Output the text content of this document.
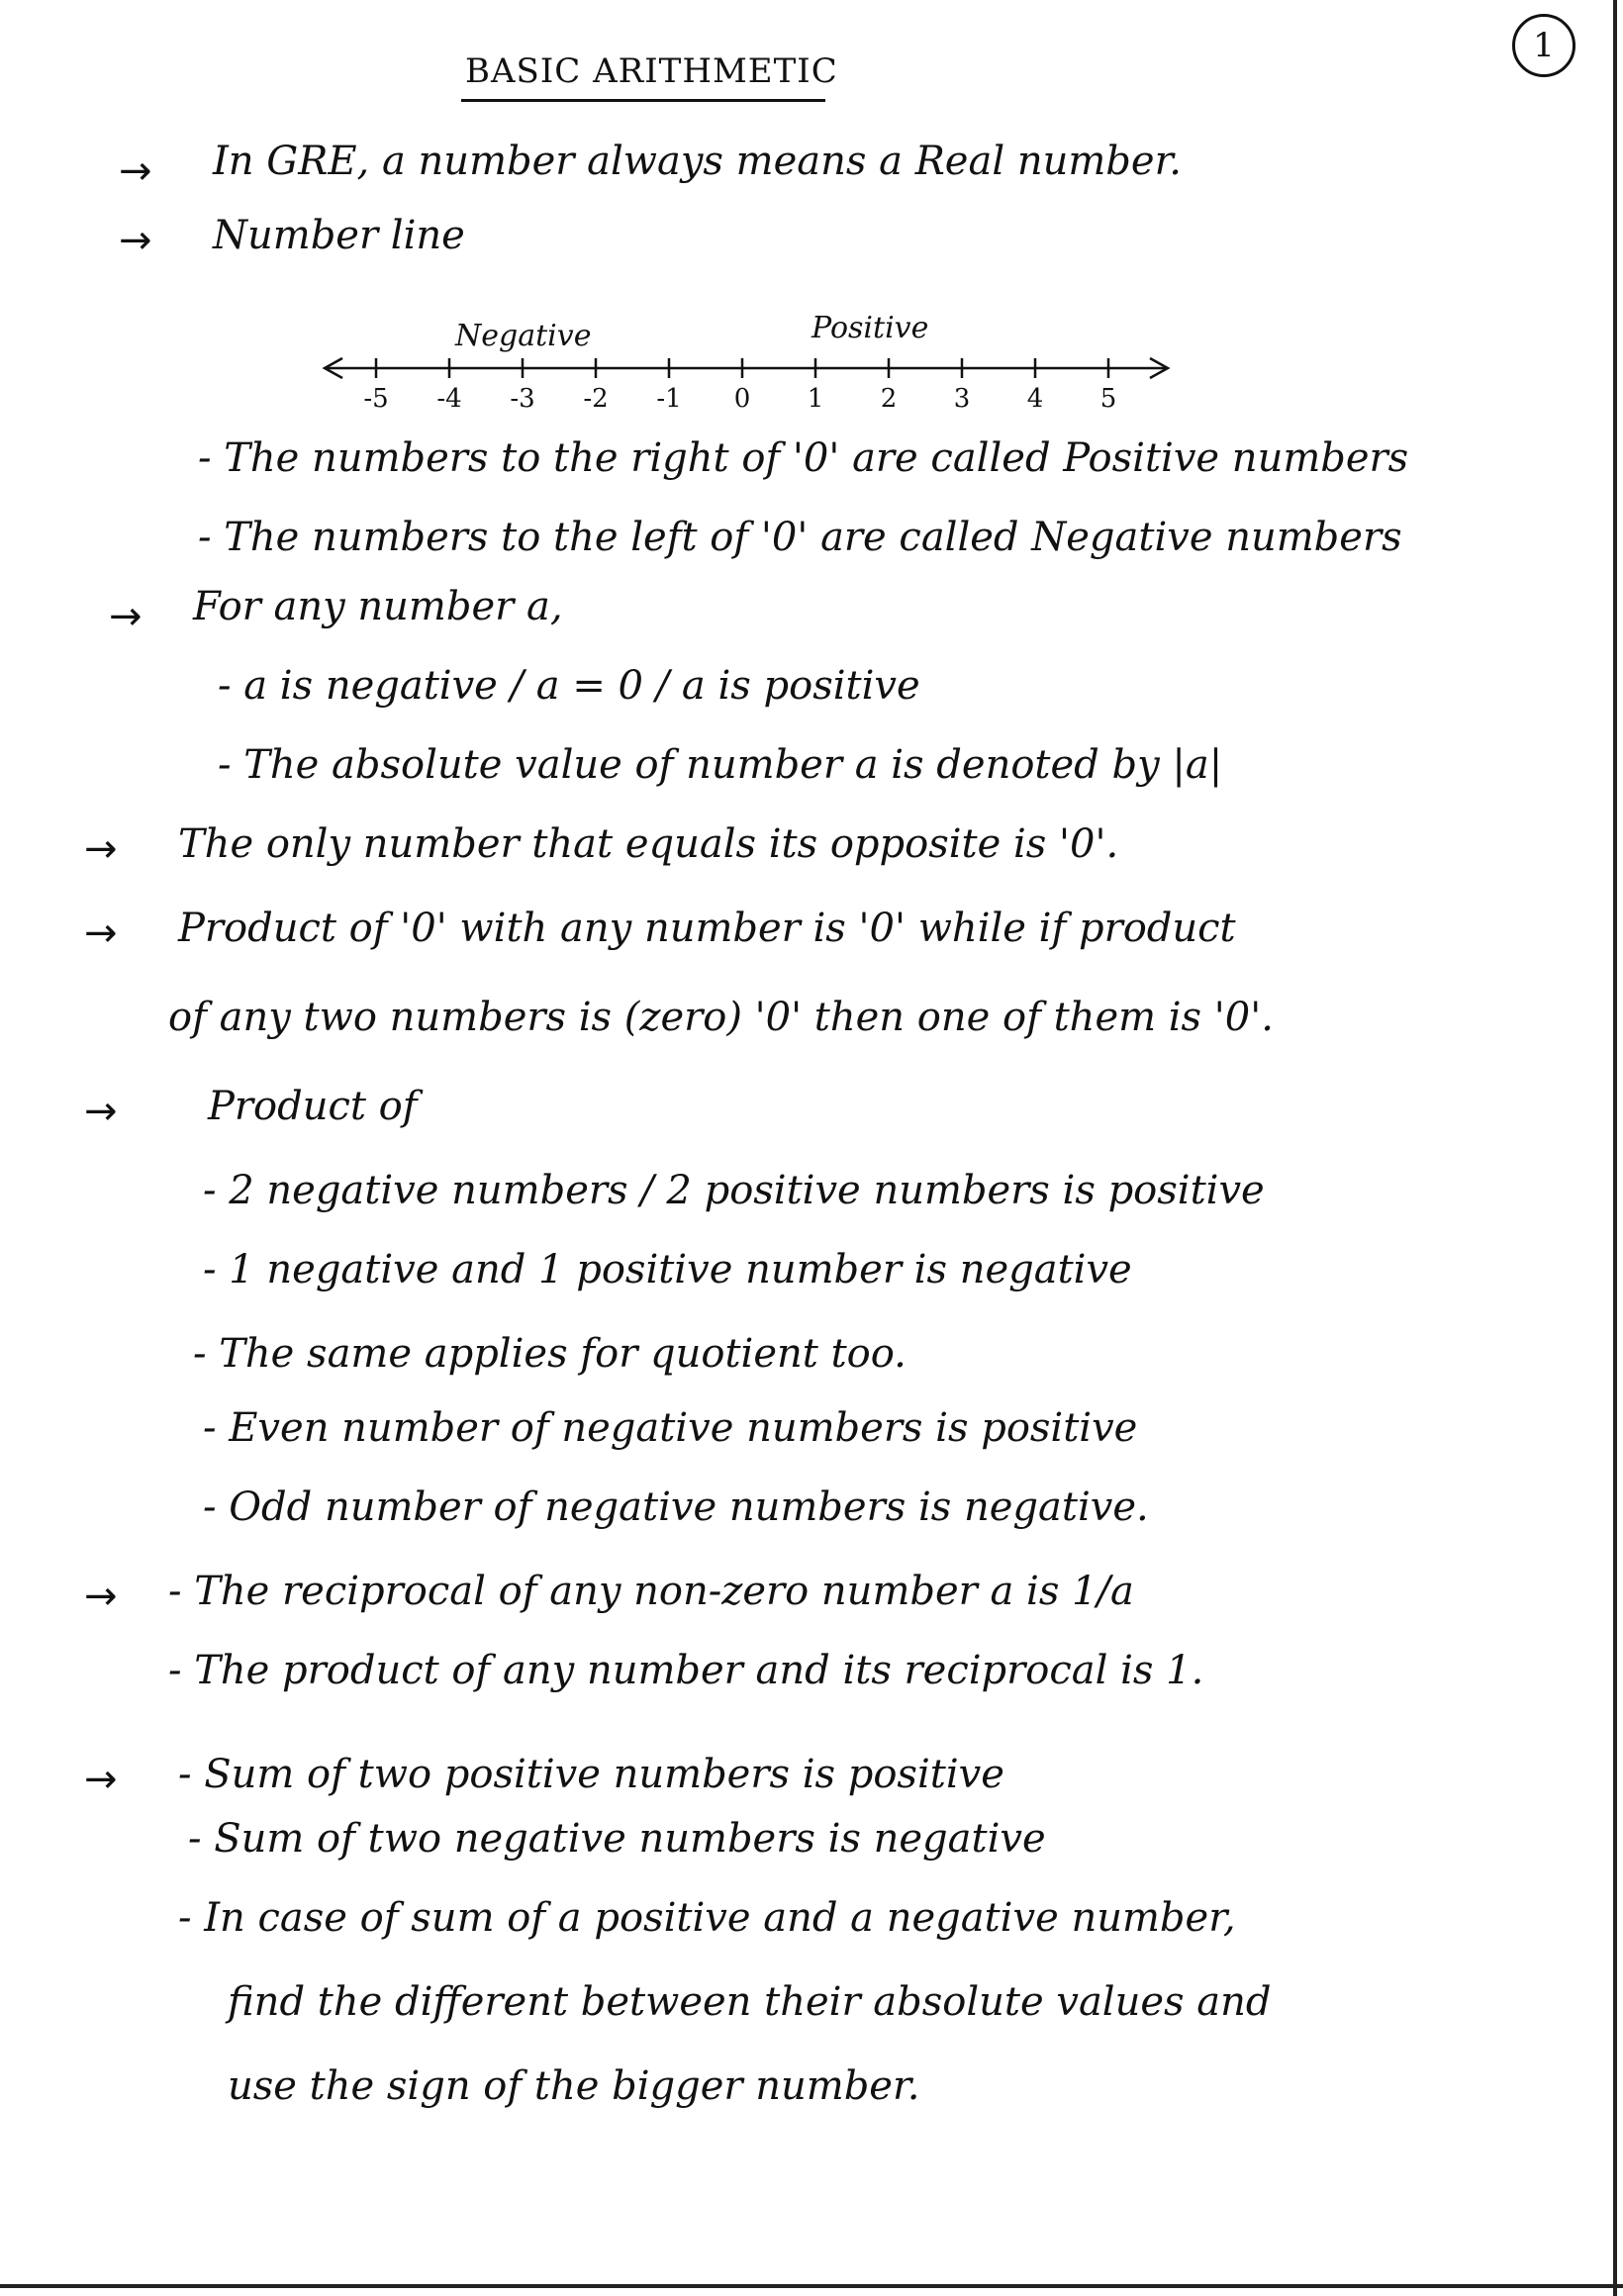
1
BASIC ARITHMETIC
→ In GRE, a number always means a Real number.
→ Number line
Negative	Positive
-5 -4 -3 -2 -1	0	1	2	3	4	5
- The numbers to the right of '0' are called Positive numbers
- The numbers to the left of '0' are called Negative numbers
→ For any number a,
- a is negative / a = 0 / a is positive
- The absolute value of number a is denoted by |a|
→ The only number that equals its opposite is '0'.
→ Product of '0' with any number is '0' while if product
of any two numbers is (zero) '0' then one of them is '0'.
→ Product of
- 2 negative numbers / 2 positive numbers is positive
- 1 negative and 1 positive number is negative
- The same applies for quotient too.
- Even number of negative numbers is positive
- Odd number of negative numbers is negative.
→ - The reciprocal of any non-zero number a is 1/a
- The product of any number and its reciprocal is 1.
→ - Sum of two positive numbers is positive
- Sum of two negative numbers is negative
- In case of sum of a positive and a negative number,
find the different between their absolute values and
use the sign of the bigger number.
